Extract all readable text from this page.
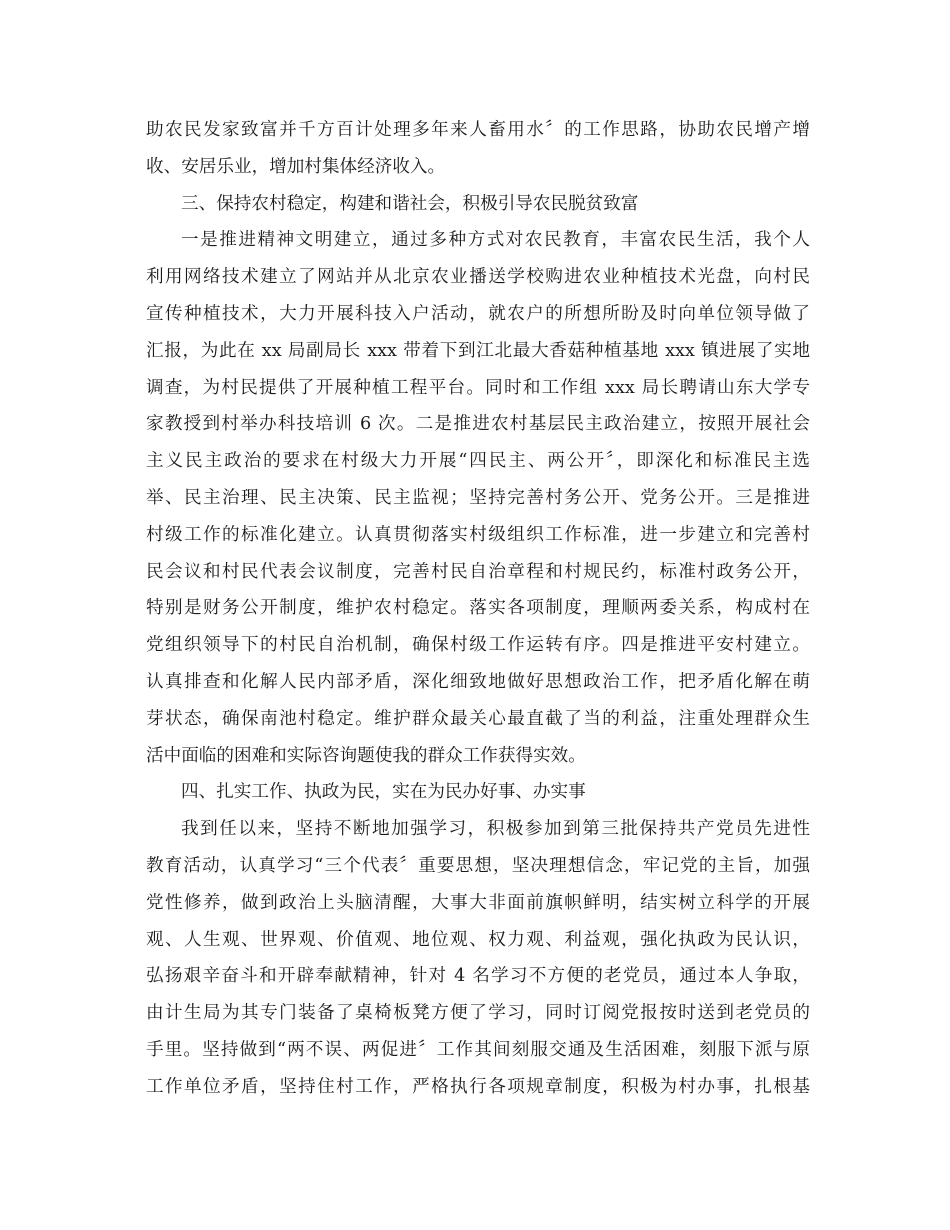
助农民发家致富并千方百计处理多年来人畜用水〞的工作思路，协助农民增产增
收、安居乐业，增加村集体经济收入。
三、保持农村稳定，构建和谐社会，积极引导农民脱贫致富
一是推进精神文明建立，通过多种方式对农民教育，丰富农民生活，我个人
利用网络技术建立了网站并从北京农业播送学校购进农业种植技术光盘，向村民
宣传种植技术，大力开展科技入户活动，就农户的所想所盼及时向单位领导做了
汇报，为此在 xx 局副局长 xxx 带着下到江北最大香菇种植基地 xxx 镇进展了实地
调查，为村民提供了开展种植工程平台。同时和工作组 xxx 局长聘请山东大学专
家教授到村举办科技培训 6 次。二是推进农村基层民主政治建立，按照开展社会
主义民主政治的要求在村级大力开展“四民主、两公开〞，即深化和标准民主选
举、民主治理、民主决策、民主监视；坚持完善村务公开、党务公开。三是推进
村级工作的标准化建立。认真贯彻落实村级组织工作标准，进一步建立和完善村
民会议和村民代表会议制度，完善村民自治章程和村规民约，标准村政务公开，
特别是财务公开制度，维护农村稳定。落实各项制度，理顺两委关系，构成村在
党组织领导下的村民自治机制，确保村级工作运转有序。四是推进平安村建立。
认真排查和化解人民内部矛盾，深化细致地做好思想政治工作，把矛盾化解在萌
芽状态，确保南池村稳定。维护群众最关心最直截了当的利益，注重处理群众生
活中面临的困难和实际咨询题使我的群众工作获得实效。
四、扎实工作、执政为民，实在为民办好事、办实事
我到任以来，坚持不断地加强学习，积极参加到第三批保持共产党员先进性
教育活动，认真学习“三个代表〞重要思想，坚决理想信念，牢记党的主旨，加强
党性修养，做到政治上头脑清醒，大事大非面前旗帜鲜明，结实树立科学的开展
观、人生观、世界观、价值观、地位观、权力观、利益观，强化执政为民认识，
弘扬艰辛奋斗和开辟奉献精神，针对 4 名学习不方便的老党员，通过本人争取，
由计生局为其专门装备了桌椅板凳方便了学习，同时订阅党报按时送到老党员的
手里。坚持做到“两不误、两促进〞工作其间刻服交通及生活困难，刻服下派与原
工作单位矛盾，坚持住村工作，严格执行各项规章制度，积极为村办事，扎根基
